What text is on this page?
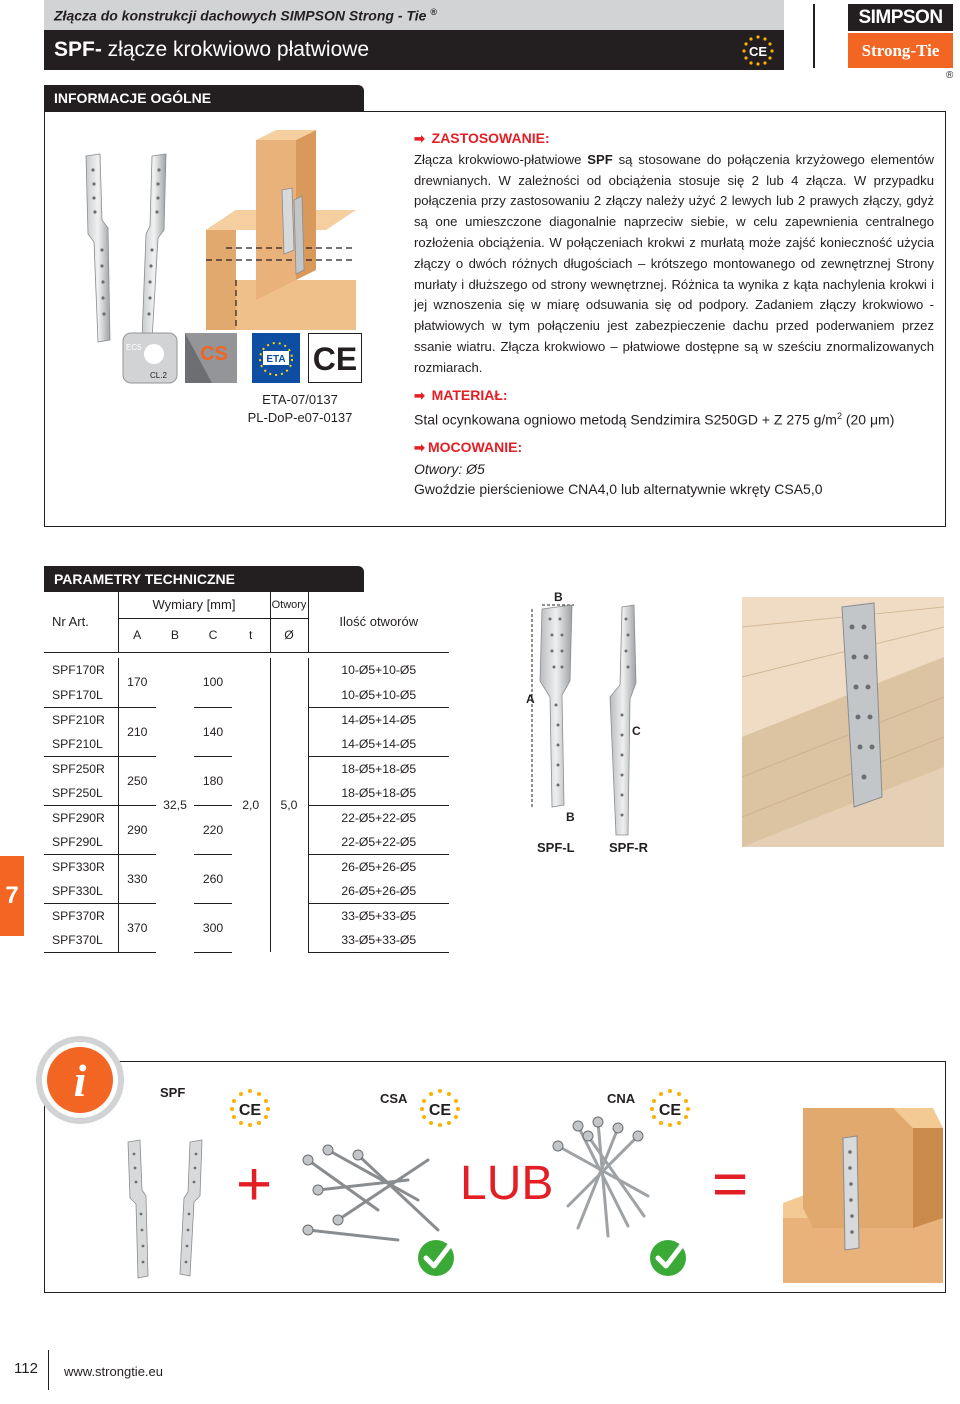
Złącza do konstrukcji dachowych SIMPSON Strong - Tie ®
SPF- złącze krokwiowo płatwiowe	CE
SIMPSON
Strong-Tie
®
INFORMACJE OGÓLNE
EC5
CL.2
CS	ETA CE
ETA-07/0137
PL-DoP-e07-0137
➡ ZASTOSOWANIE:

Złącza krokwiowo-płatwiowe SPF są stosowane do połączenia krzyżowego elementów drewnianych. W zależności od obciążenia stosuje się 2 lub 4 złącza. W przypadku połączenia przy zastosowaniu 2 złączy należy użyć 2 lewych lub 2 prawych złączy, gdyż są one umieszczone diagonalnie naprzeciw siebie, w celu zapewnienia centralnego rozłożenia obciążenia. W połączeniach krokwi z murłatą może zajść konieczność użycia złączy o dwóch różnych długościach – krótszego montowanego od zewnętrznej Strony murłaty i dłuższego od strony wewnętrznej. Różnica ta wynika z kąta nachylenia krokwi i jej wznoszenia się w miarę odsuwania się od podpory. Zadaniem złączy krokwiowo - płatwiowych w tym połączeniu jest zabezpieczenie dachu przed poderwaniem przez ssanie wiatru. Złącza krokwiowo – płatwiowe dostępne są w sześciu znormalizowanych rozmiarach.

➡ MATERIAŁ:
Stal ocynkowana ogniowo metodą Sendzimira S250GD + Z 275 $g/m^2$ (20 μm)
➡ MOCOWANIE:
Otwory: Ø5
Gwoździe pierścieniowe CNA4,0 lub alternatywnie wkręty CSA5,0
PARAMETRY TECHNICZNE
Nr Art.	Wymiary [mm]				Otwory	Ilość otworów
	A	B	C	t	Ø	

SPF170R	170	32,5	100	2,0	5,0	10-Ø5+10-Ø5
SPF170L						10-Ø5+10-Ø5
SPF210R	210		140			14-Ø5+14-Ø5
SPF210L						14-Ø5+14-Ø5
SPF250R	250		180			18-Ø5+18-Ø5
SPF250L						18-Ø5+18-Ø5
SPF290R	290		220			22-Ø5+22-Ø5
SPF290L						22-Ø5+22-Ø5
SPF330R	330		260			26-Ø5+26-Ø5
SPF330L						26-Ø5+26-Ø5
SPF370R	370		300			33-Ø5+33-Ø5
SPF370L						33-Ø5+33-Ø5
B
A
C
B
SPF-L	SPF-R
7
i	SPF	CSA	CNA
CE	CE	CE
+	LUB	=
112 www.strongtie.eu
